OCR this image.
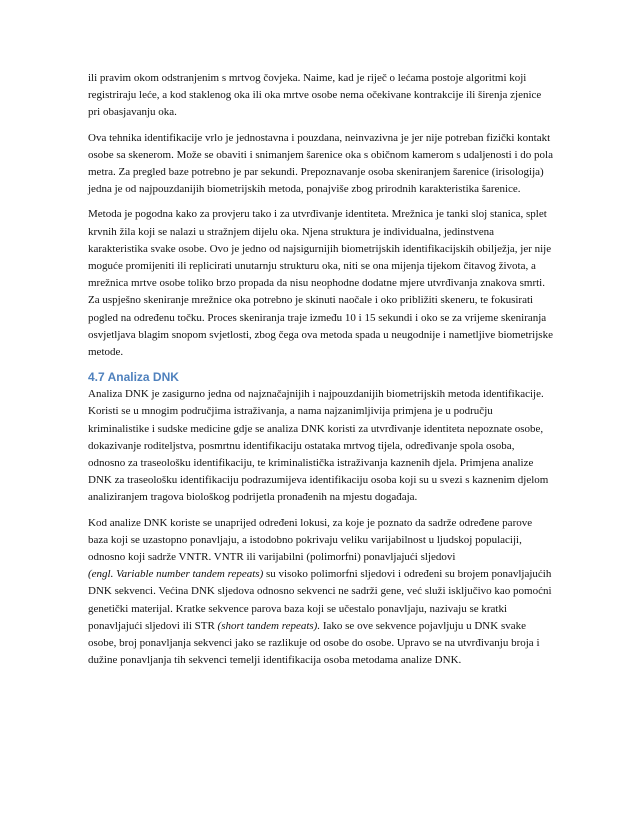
ili pravim okom odstranjenim s mrtvog čovjeka. Naime, kad je riječ o lećama postoje algoritmi koji registriraju leće, a kod staklenog oka ili oka mrtve osobe nema očekivane kontrakcije ili širenja zjenice pri obasjavanju oka.

Ova tehnika identifikacije vrlo je jednostavna i pouzdana, neinvazivna je jer nije potreban fizički kontakt osobe sa skenerom. Može se obaviti i snimanjem šarenice oka s običnom kamerom s udaljenosti i do pola metra. Za pregled baze potrebno je par sekundi. Prepoznavanje osoba skeniranjem šarenice (irisologija) jedna je od najpouzdanijih biometrijskih metoda, ponajviše zbog prirodnih karakteristika šarenice.

Metoda je pogodna kako za provjeru tako i za utvrđivanje identiteta. Mrežnica je tanki sloj stanica, splet krvnih žila koji se nalazi u stražnjem dijelu oka. Njena struktura je individualna, jedinstvena karakteristika svake osobe. Ovo je jedno od najsigurnijih biometrijskih identifikacijskih obilježja, jer nije moguće promijeniti ili replicirati unutarnju strukturu oka, niti se ona mijenja tijekom čitavog života, a mrežnica mrtve osobe toliko brzo propada da nisu neophodne dodatne mjere utvrđivanja znakova smrti. Za uspješno skeniranje mrežnice oka potrebno je skinuti naočale i oko približiti skeneru, te fokusirati pogled na određenu točku. Proces skeniranja traje između 10 i 15 sekundi i oko se za vrijeme skeniranja osvjetljava blagim snopom svjetlosti, zbog čega ova metoda spada u neugodnije i nametljive biometrijske metode.

4.7 Analiza DNK

Analiza DNK je zasigurno jedna od najznačajnijih i najpouzdanijih biometrijskih metoda identifikacije. Koristi se u mnogim područjima istraživanja, a nama najzanimljivija primjena je u području kriminalistike i sudske medicine gdje se analiza DNK koristi za utvrđivanje identiteta nepoznate osobe, dokazivanje roditeljstva, posmrtnu identifikaciju ostataka mrtvog tijela, određivanje spola osoba, odnosno za traseološku identifikaciju, te kriminalistička istraživanja kaznenih djela. Primjena analize DNK za traseološku identifikaciju podrazumijeva identifikaciju osoba koji su u svezi s kaznenim djelom analiziranjem tragova biološkog podrijetla pronađenih na mjestu događaja.

Kod analize DNK koriste se unaprijed određeni lokusi, za koje je poznato da sadrže određene parove baza koji se uzastopno ponavljaju, a istodobno pokrivaju veliku varijabilnost u ljudskoj populaciji, odnosno koji sadrže VNTR. VNTR ili varijabilni (polimorfni) ponavljajući sljedovi
(engl. Variable number tandem repeats) su visoko polimorfni sljedovi i određeni su brojem ponavljajućih DNK sekvenci. Većina DNK sljedova odnosno sekvenci ne sadrži gene, već služi isključivo kao pomoćni genetički materijal. Kratke sekvence parova baza koji se učestalo ponavljaju, nazivaju se kratki ponavljajući sljedovi ili STR (short tandem repeats). Iako se ove sekvence pojavljuju u DNK svake osobe, broj ponavljanja sekvenci jako se razlikuje od osobe do osobe. Upravo se na utvrđivanju broja i dužine ponavljanja tih sekvenci temelji identifikacija osoba metodama analize DNK.
